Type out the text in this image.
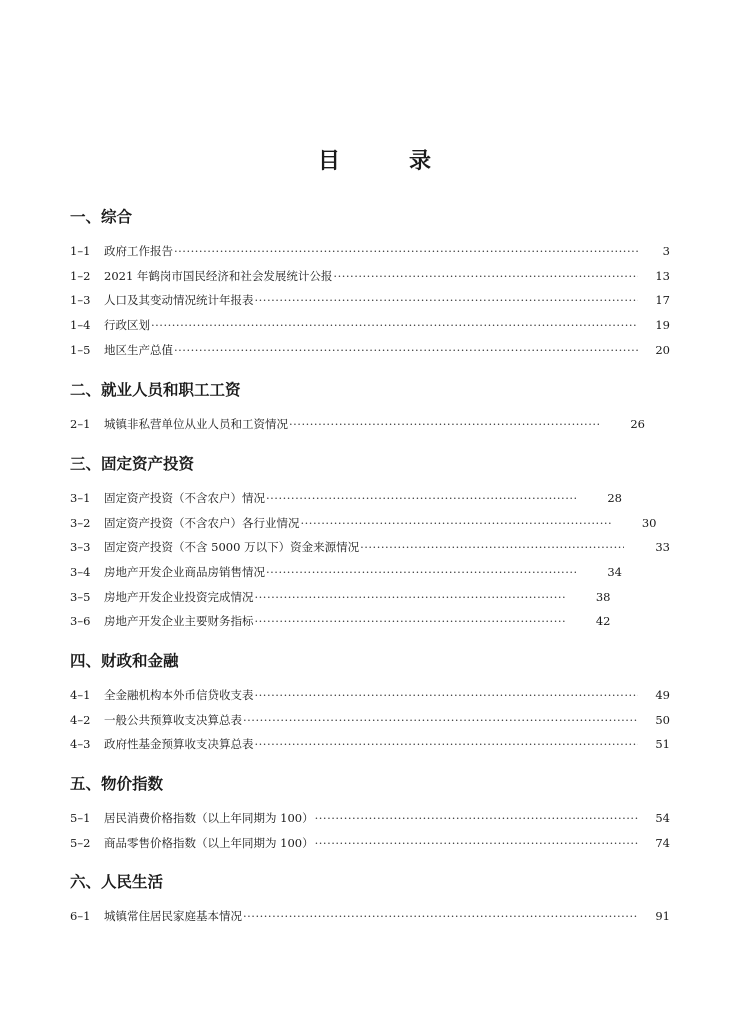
目	录
一、综合
1–1	政府工作报告 ·····	3
1–2	2021 年鹤岗市国民经济和社会发展统计公报 ·····	13
1–3	人口及其变动情况统计年报表 ·····	17
1–4	行政区划 ·····	19
1–5	地区生产总值 ·····	20
二、就业人员和职工工资
2–1	城镇非私营单位从业人员和工资情况 ·····	26
三、固定资产投资
3–1	固定资产投资（不含农户）情况 ·····	28
3–2	固定资产投资（不含农户）各行业情况 ·····	30
3–3	固定资产投资（不含 5000 万以下）资金来源情况 ·····	33
3–4	房地产开发企业商品房销售情况 ·····	34
3–5	房地产开发企业投资完成情况 ·····	38
3–6	房地产开发企业主要财务指标 ·····	42
四、财政和金融
4–1	全金融机构本外币信贷收支表 ·····	49
4–2	一般公共预算收支决算总表 ·····	50
4–3	政府性基金预算收支决算总表 ·····	51
五、物价指数
5–1	居民消费价格指数（以上年同期为 100） ·····	54
5–2	商品零售价格指数（以上年同期为 100） ·····	74
六、人民生活
6–1	城镇常住居民家庭基本情况 ·····	91
